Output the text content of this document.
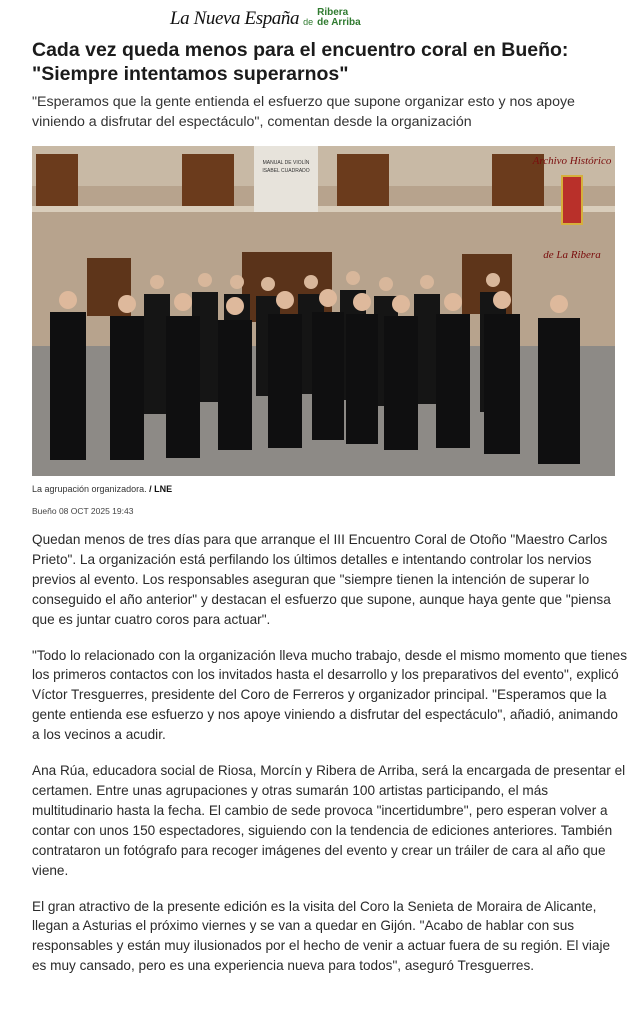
La Nueva España de
Ribera
de Arriba
Cada vez queda menos para el encuentro coral en Bueño: "Siempre intentamos superarnos"

"Esperamos que la gente entienda el esfuerzo que supone organizar esto y nos apoye viniendo a disfrutar del espectáculo", comentan desde la organización

MANUAL DE VIOLÍN
ISABEL CUADRADO
Archivo Histórico
de La Ribera
La agrupación organizadora. / LNE
Bueño 08 OCT 2025 19:43

Quedan menos de tres días para que arranque el III Encuentro Coral de Otoño "Maestro Carlos Prieto". La organización está perfilando los últimos detalles e intentando controlar los nervios previos al evento. Los responsables aseguran que "siempre tienen la intención de superar lo conseguido el año anterior" y destacan el esfuerzo que supone, aunque haya gente que "piensa que es juntar cuatro coros para actuar".

"Todo lo relacionado con la organización lleva mucho trabajo, desde el mismo momento que tienes los primeros contactos con los invitados hasta el desarrollo y los preparativos del evento", explicó Víctor Tresguerres, presidente del Coro de Ferreros y organizador principal. "Esperamos que la gente entienda ese esfuerzo y nos apoye viniendo a disfrutar del espectáculo", añadió, animando a los vecinos a acudir.

Ana Rúa, educadora social de Riosa, Morcín y Ribera de Arriba, será la encargada de presentar el certamen. Entre unas agrupaciones y otras sumarán 100 artistas participando, el más multitudinario hasta la fecha. El cambio de sede provoca "incertidumbre", pero esperan volver a contar con unos 150 espectadores, siguiendo con la tendencia de ediciones anteriores. También contrataron un fotógrafo para recoger imágenes del evento y crear un tráiler de cara al año que viene.

El gran atractivo de la presente edición es la visita del Coro la Senieta de Moraira de Alicante, llegan a Asturias el próximo viernes y se van a quedar en Gijón. "Acabo de hablar con sus responsables y están muy ilusionados por el hecho de venir a actuar fuera de su región. El viaje es muy cansado, pero es una experiencia nueva para todos", aseguró Tresguerres.
